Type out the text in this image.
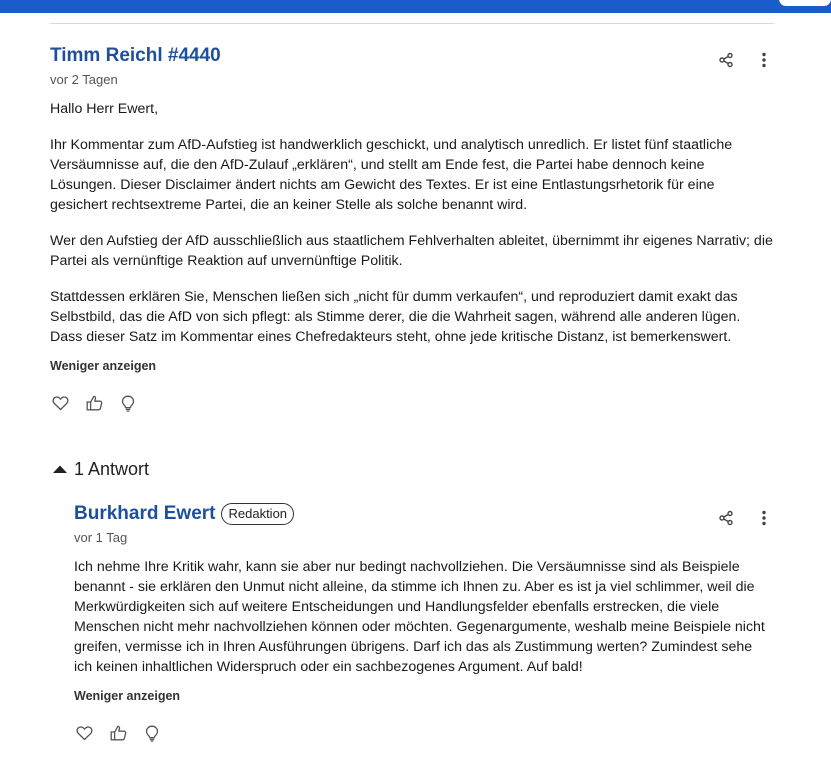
Timm Reichl #4440
vor 2 Tagen

Hallo Herr Ewert,

Ihr Kommentar zum AfD-Aufstieg ist handwerklich geschickt, und analytisch unredlich. Er listet fünf staatliche Versäumnisse auf, die den AfD-Zulauf „erklären“, und stellt am Ende fest, die Partei habe dennoch keine Lösungen. Dieser Disclaimer ändert nichts am Gewicht des Textes. Er ist eine Entlastungsrhetorik für eine gesichert rechtsextreme Partei, die an keiner Stelle als solche benannt wird.

Wer den Aufstieg der AfD ausschließlich aus staatlichem Fehlverhalten ableitet, übernimmt ihr eigenes Narrativ; die Partei als vernünftige Reaktion auf unvernünftige Politik.

Stattdessen erklären Sie, Menschen ließen sich „nicht für dumm verkaufen“, und reproduziert damit exakt das Selbstbild, das die AfD von sich pflegt: als Stimme derer, die die Wahrheit sagen, während alle anderen lügen. Dass dieser Satz im Kommentar eines Chefredakteurs steht, ohne jede kritische Distanz, ist bemerkenswert.

Weniger anzeigen
1 Antwort
Burkhard Ewert Redaktion
vor 1 Tag

Ich nehme Ihre Kritik wahr, kann sie aber nur bedingt nachvollziehen. Die Versäumnisse sind als Beispiele benannt - sie erklären den Unmut nicht alleine, da stimme ich Ihnen zu. Aber es ist ja viel schlimmer, weil die Merkwürdigkeiten sich auf weitere Entscheidungen und Handlungsfelder ebenfalls erstrecken, die viele Menschen nicht mehr nachvollziehen können oder möchten. Gegenargumente, weshalb meine Beispiele nicht greifen, vermisse ich in Ihren Ausführungen übrigens. Darf ich das als Zustimmung werten? Zumindest sehe ich keinen inhaltlichen Widerspruch oder ein sachbezogenes Argument. Auf bald!

Weniger anzeigen
